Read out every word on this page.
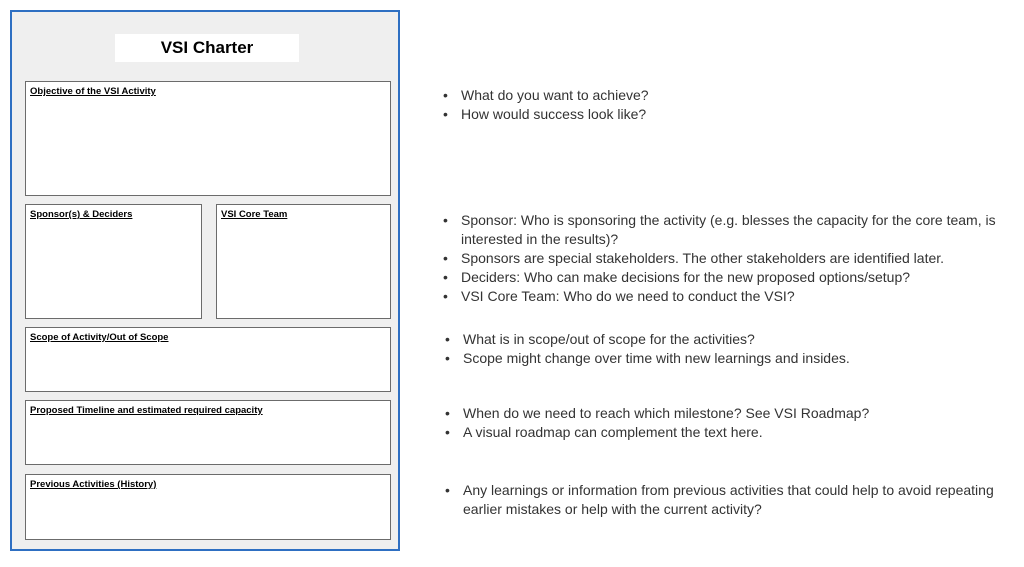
VSI Charter
Objective of the VSI Activity
Sponsor(s) & Deciders	VSI Core Team
Scope of Activity/Out of Scope
Proposed Timeline and estimated required capacity
Previous Activities (History)
• What do you want to achieve?
• How would success look like?
• Sponsor: Who is sponsoring the activity (e.g. blesses the capacity for the core team, is interested in the results)?
• Sponsors are special stakeholders. The other stakeholders are identified later.
• Deciders: Who can make decisions for the new proposed options/setup?
• VSI Core Team: Who do we need to conduct the VSI?
• What is in scope/out of scope for the activities?
• Scope might change over time with new learnings and insides.
• When do we need to reach which milestone? See VSI Roadmap?
• A visual roadmap can complement the text here.
• Any learnings or information from previous activities that could help to avoid repeating earlier mistakes or help with the current activity?
